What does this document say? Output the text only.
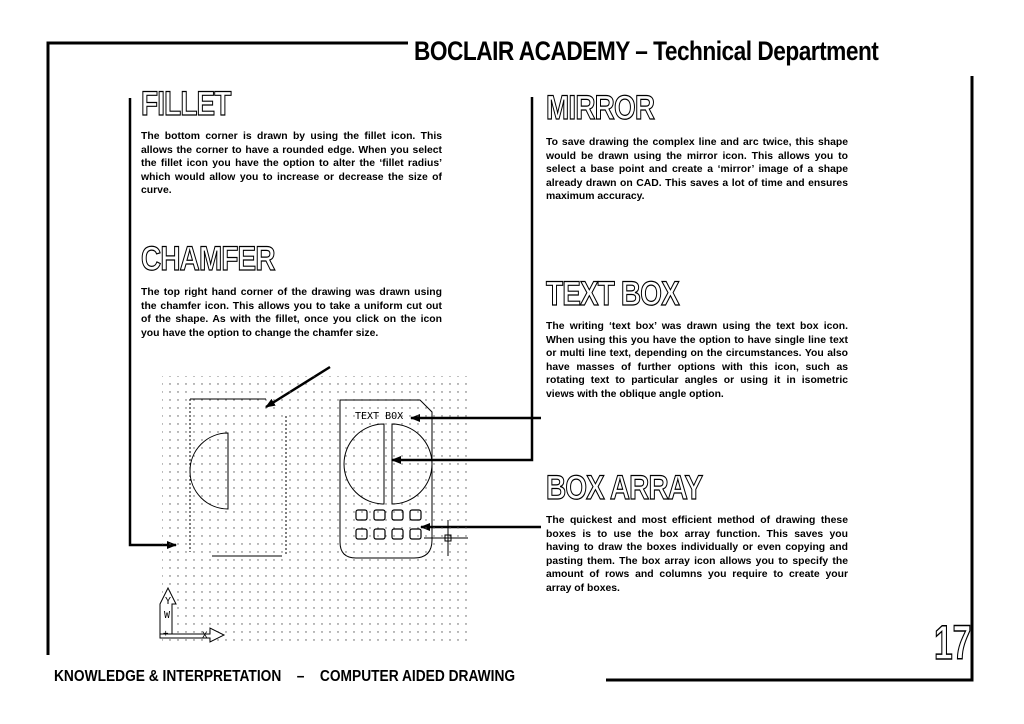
TEXT BOX
Y
W
+	X
BOCLAIR ACADEMY – Technical Department
FILLET
The bottom corner is drawn by using the fillet icon. This allows the corner to have a rounded edge. When you select the fillet icon you have the option to alter the ‘fillet radius’ which would allow you to increase or decrease the size of curve.
CHAMFER
The top right hand corner of the drawing was drawn using the chamfer icon. This allows you to take a uniform cut out of the shape. As with the fillet, once you click on the icon you have the option to change the chamfer size.
MIRROR
To save drawing the complex line and arc twice, this shape would be drawn using the mirror icon. This allows you to select a base point and create a ‘mirror’ image of a shape already drawn on CAD. This saves a lot of time and ensures maximum accuracy.
TEXT BOX
The writing ‘text box’ was drawn using the text box icon. When using this you have the option to have single line text or multi line text, depending on the circumstances. You also have masses of further options with this icon, such as rotating text to particular angles or using it in isometric views with the oblique angle option.
BOX ARRAY
The quickest and most efficient method of drawing these boxes is to use the box array function. This saves you having to draw the boxes individually or even copying and pasting them. The box array icon allows you to specify the amount of rows and columns you require to create your array of boxes.
KNOWLEDGE & INTERPRETATION – COMPUTER AIDED DRAWING
17
